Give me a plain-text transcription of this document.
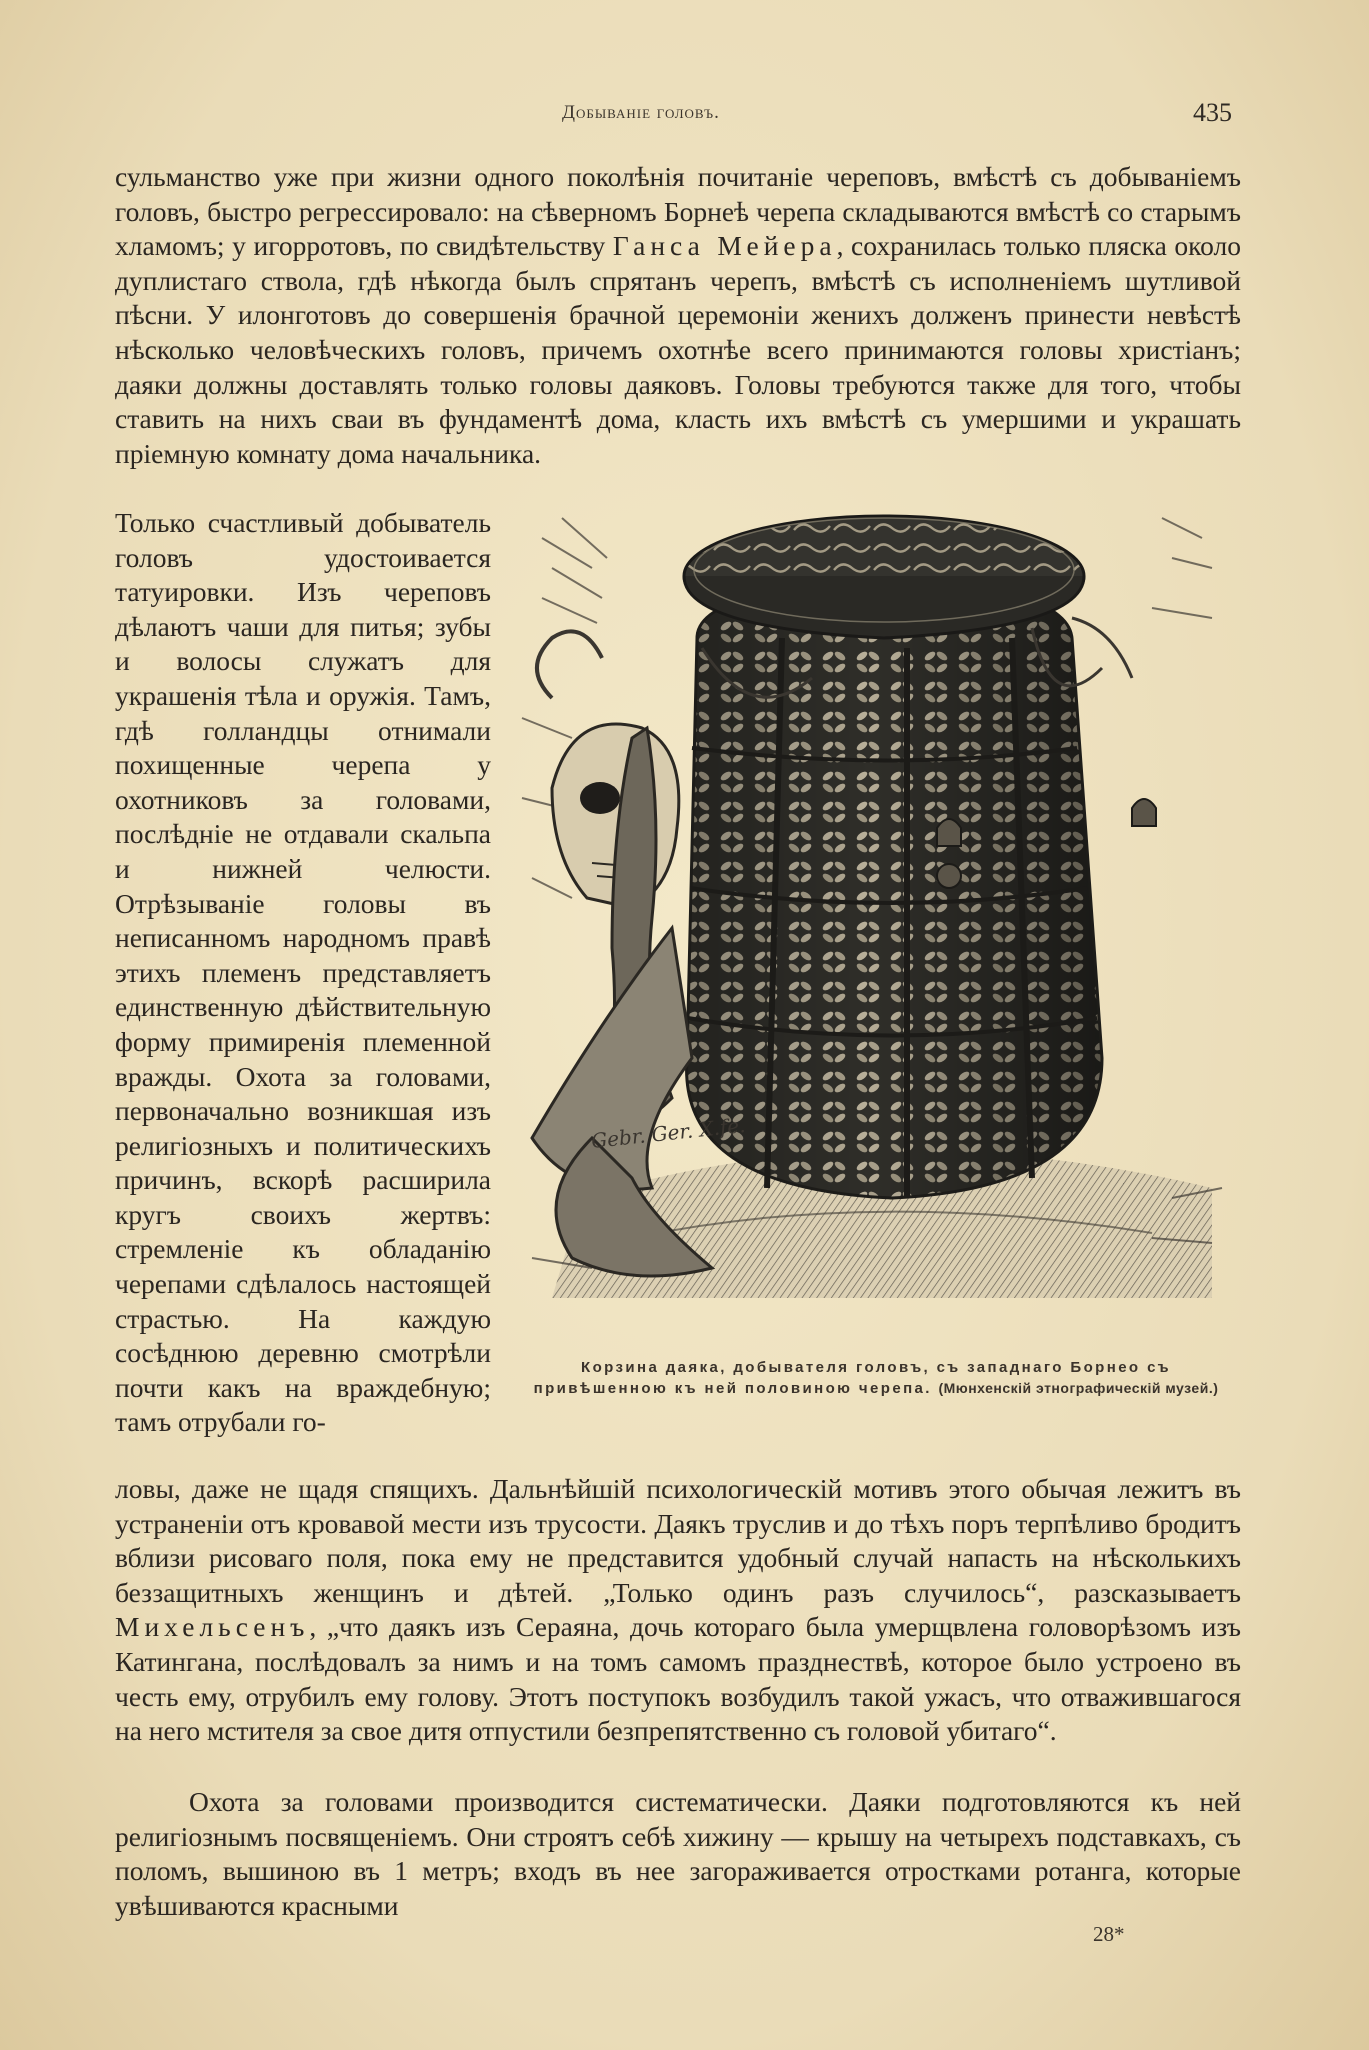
Добываніе головъ.	435

сульманство уже при жизни одного поколѣнія почитаніе череповъ, вмѣстѣ съ добываніемъ головъ, быстро регрессировало: на сѣверномъ Борнеѣ черепа складываются вмѣстѣ со старымъ хламомъ; у игорротовъ, по свидѣтельству Ганса Мейера, сохранилась только пляска около дуплистаго ствола, гдѣ нѣкогда былъ спрятанъ черепъ, вмѣстѣ съ исполненіемъ шутливой пѣсни. У илонготовъ до совершенія брачной церемоніи женихъ долженъ принести невѣстѣ нѣсколько человѣческихъ головъ, причемъ охотнѣе всего принимаются головы христіанъ; даяки должны доставлять только головы даяковъ. Головы требуются также для того, чтобы ставить на нихъ сваи въ фундаментѣ дома, класть ихъ вмѣстѣ съ умершими и украшать пріемную комнату дома начальника.

Только счастливый добыватель головъ удостоивается татуировки. Изъ череповъ дѣлаютъ чаши для питья; зубы и волосы служатъ для украшенія тѣла и оружія. Тамъ, гдѣ голландцы отнимали похищенные черепа у охотниковъ за головами, послѣдніе не отдавали скальпа и нижней челюсти. Отрѣзываніе головы въ неписанномъ народномъ правѣ этихъ племенъ представляетъ единственную дѣйствительную форму примиренія племенной вражды. Охота за головами, первоначально возникшая изъ религіозныхъ и политическихъ причинъ, вскорѣ расширила кругъ своихъ жертвъ: стремленіе къ обладанію черепами сдѣлалось настоящей страстью. На каждую сосѣднюю деревню смотрѣли почти какъ на враждебную; тамъ отрубали го-

Gebr. Ger. X.fe.

Корзина даяка, добывателя головъ, съ западнаго Борнео съ привѣшенною къ ней половиною черепа. (Мюнхенскій этнографическій музей.)

ловы, даже не щадя спящихъ. Дальнѣйшій психологическій мотивъ этого обычая лежитъ въ устраненіи отъ кровавой мести изъ трусости. Даякъ труслив и до тѣхъ поръ терпѣливо бродитъ вблизи рисоваго поля, пока ему не представится удобный случай напасть на нѣсколькихъ беззащитныхъ женщинъ и дѣтей. „Только одинъ разъ случилось“, разсказываетъ Михельсенъ, „что даякъ изъ Сераяна, дочь котораго была умерщвлена головорѣзомъ изъ Катингана, послѣдовалъ за нимъ и на томъ самомъ празднествѣ, которое было устроено въ честь ему, отрубилъ ему голову. Этотъ поступокъ возбудилъ такой ужасъ, что отважившагося на него мстителя за свое дитя отпустили безпрепятственно съ головой убитаго“.

Охота за головами производится систематически. Даяки подготовляются къ ней религіознымъ посвященіемъ. Они строятъ себѣ хижину — крышу на четырехъ подставкахъ, съ поломъ, вышиною въ 1 метръ; входъ въ нее загораживается отростками ротанга, которые увѣшиваются красными

28*
